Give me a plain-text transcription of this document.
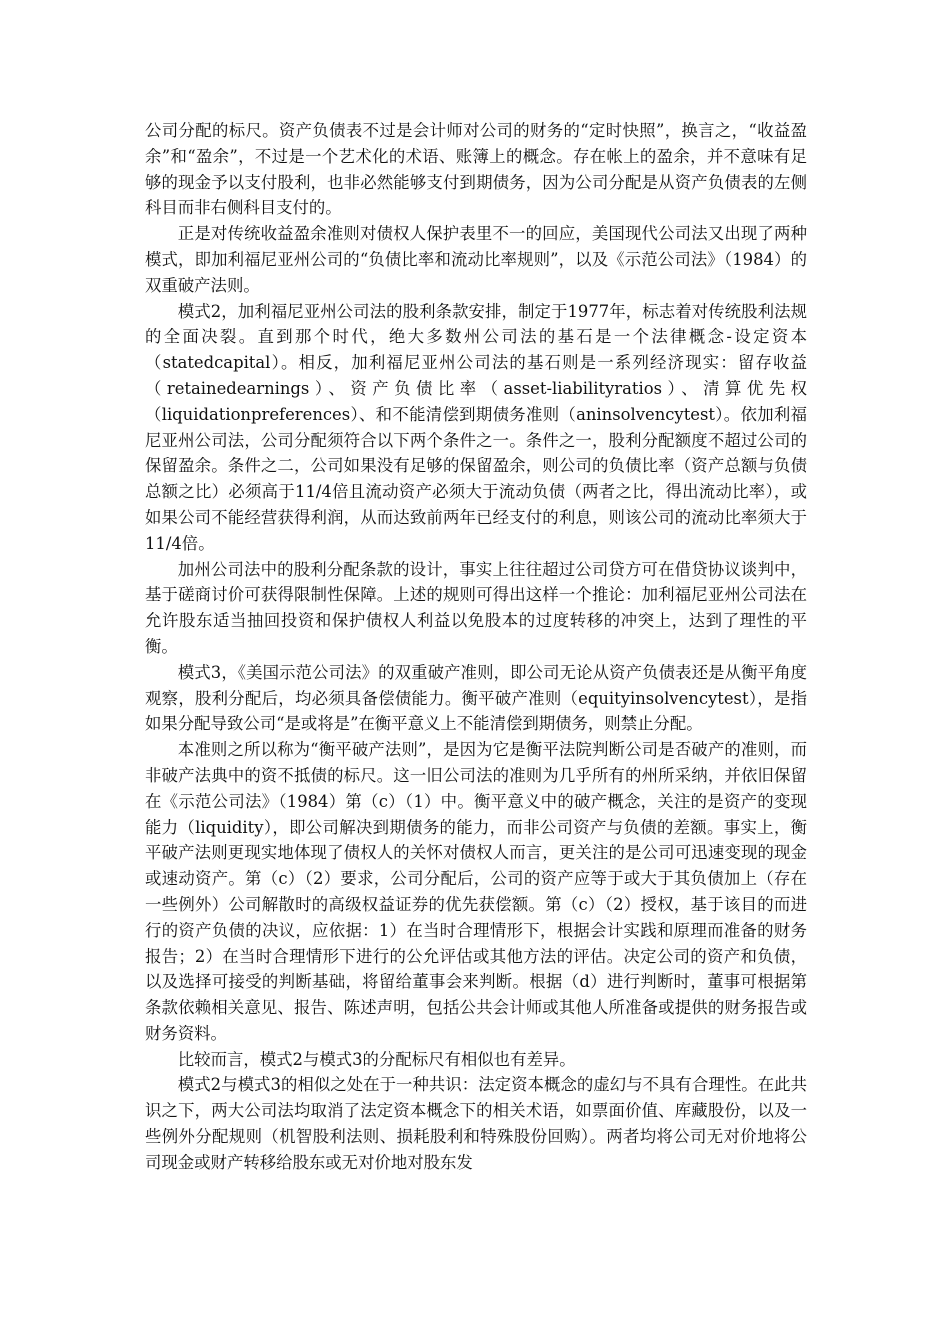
公司分配的标尺。资产负债表不过是会计师对公司的财务的“定时快照”，换言之，“收益盈余”和“盈余”，不过是一个艺术化的术语、账簿上的概念。存在帐上的盈余，并不意味有足够的现金予以支付股利，也非必然能够支付到期债务，因为公司分配是从资产负债表的左侧科目而非右侧科目支付的。

正是对传统收益盈余准则对债权人保护表里不一的回应，美国现代公司法又出现了两种模式，即加利福尼亚州公司的“负债比率和流动比率规则”，以及《示范公司法》（1984）的双重破产法则。

模式2，加利福尼亚州公司法的股利条款安排，制定于1977年，标志着对传统股利法规的全面决裂。直到那个时代，绝大多数州公司法的基石是一个法律概念-设定资本（statedcapital）。相反，加利福尼亚州公司法的基石则是一系列经济现实：留存收益（retainedearnings）、资产负债比率（asset-liabilityratios）、清算优先权（liquidationpreferences）、和不能清偿到期债务准则（aninsolvencytest）。依加利福尼亚州公司法，公司分配须符合以下两个条件之一。条件之一，股利分配额度不超过公司的保留盈余。条件之二，公司如果没有足够的保留盈余，则公司的负债比率（资产总额与负债总额之比）必须高于11/4倍且流动资产必须大于流动负债（两者之比，得出流动比率），或如果公司不能经营获得利润，从而达致前两年已经支付的利息，则该公司的流动比率须大于11/4倍。

加州公司法中的股利分配条款的设计，事实上往往超过公司贷方可在借贷协议谈判中，基于磋商讨价可获得限制性保障。上述的规则可得出这样一个推论：加利福尼亚州公司法在允许股东适当抽回投资和保护债权人利益以免股本的过度转移的冲突上，达到了理性的平衡。

模式3，《美国示范公司法》的双重破产准则，即公司无论从资产负债表还是从衡平角度观察，股利分配后，均必须具备偿债能力。衡平破产准则（equityinsolvencytest），是指如果分配导致公司“是或将是”在衡平意义上不能清偿到期债务，则禁止分配。

本准则之所以称为“衡平破产法则”，是因为它是衡平法院判断公司是否破产的准则，而非破产法典中的资不抵债的标尺。这一旧公司法的准则为几乎所有的州所采纳，并依旧保留在《示范公司法》（1984）第（c）（1）中。衡平意义中的破产概念，关注的是资产的变现能力（liquidity），即公司解决到期债务的能力，而非公司资产与负债的差额。事实上，衡平破产法则更现实地体现了债权人的关怀对债权人而言，更关注的是公司可迅速变现的现金或速动资产。第（c）（2）要求，公司分配后，公司的资产应等于或大于其负债加上（存在一些例外）公司解散时的高级权益证券的优先获偿额。第（c）（2）授权，基于该目的而进行的资产负债的决议，应依据：1）在当时合理情形下，根据会计实践和原理而准备的财务报告；2）在当时合理情形下进行的公允评估或其他方法的评估。决定公司的资产和负债，以及选择可接受的判断基础，将留给董事会来判断。根据（d）进行判断时，董事可根据第条款依赖相关意见、报告、陈述声明，包括公共会计师或其他人所准备或提供的财务报告或财务资料。

比较而言，模式2与模式3的分配标尺有相似也有差异。

模式2与模式3的相似之处在于一种共识：法定资本概念的虚幻与不具有合理性。在此共识之下，两大公司法均取消了法定资本概念下的相关术语，如票面价值、库藏股份，以及一些例外分配规则（机智股利法则、损耗股利和特殊股份回购）。两者均将公司无对价地将公司现金或财产转移给股东或无对价地对股东发
